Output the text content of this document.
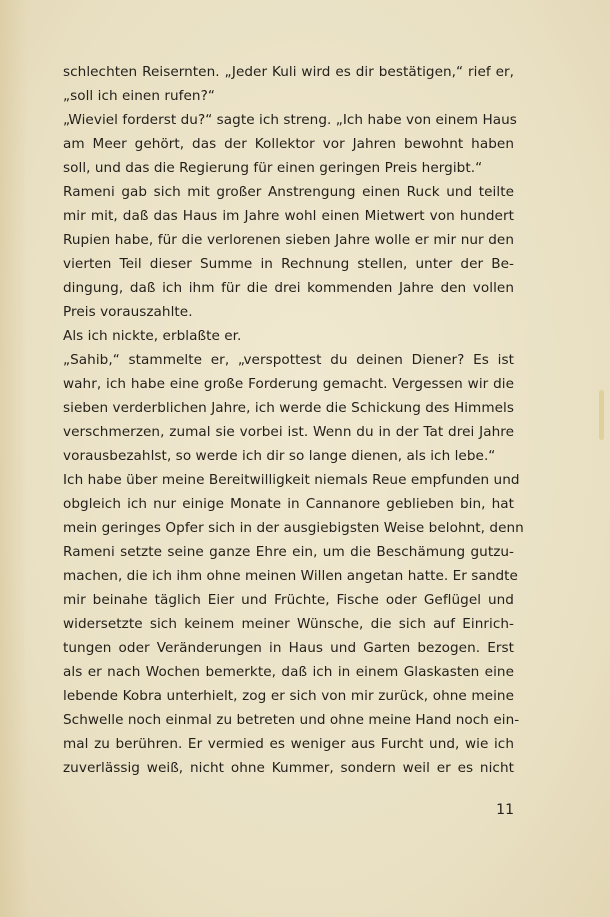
schlechten Reisernten. „Jeder Kuli wird es dir bestätigen,“ rief er,
„soll ich einen rufen?“
„Wieviel forderst du?“ sagte ich streng. „Ich habe von einem Haus
am Meer gehört, das der Kollektor vor Jahren bewohnt haben
soll, und das die Regierung für einen geringen Preis hergibt.“
Rameni gab sich mit großer Anstrengung einen Ruck und teilte
mir mit, daß das Haus im Jahre wohl einen Mietwert von hundert
Rupien habe, für die verlorenen sieben Jahre wolle er mir nur den
vierten Teil dieser Summe in Rechnung stellen, unter der Be-
dingung, daß ich ihm für die drei kommenden Jahre den vollen
Preis vorauszahlte.
Als ich nickte, erblaßte er.
„Sahib,“ stammelte er, „verspottest du deinen Diener? Es ist
wahr, ich habe eine große Forderung gemacht. Vergessen wir die
sieben verderblichen Jahre, ich werde die Schickung des Himmels
verschmerzen, zumal sie vorbei ist. Wenn du in der Tat drei Jahre
vorausbezahlst, so werde ich dir so lange dienen, als ich lebe.“
Ich habe über meine Bereitwilligkeit niemals Reue empfunden und
obgleich ich nur einige Monate in Cannanore geblieben bin, hat
mein geringes Opfer sich in der ausgiebigsten Weise belohnt, denn
Rameni setzte seine ganze Ehre ein, um die Beschämung gutzu-
machen, die ich ihm ohne meinen Willen angetan hatte. Er sandte
mir beinahe täglich Eier und Früchte, Fische oder Geflügel und
widersetzte sich keinem meiner Wünsche, die sich auf Einrich-
tungen oder Veränderungen in Haus und Garten bezogen. Erst
als er nach Wochen bemerkte, daß ich in einem Glaskasten eine
lebende Kobra unterhielt, zog er sich von mir zurück, ohne meine
Schwelle noch einmal zu betreten und ohne meine Hand noch ein-
mal zu berühren. Er vermied es weniger aus Furcht und, wie ich
zuverlässig weiß, nicht ohne Kummer, sondern weil er es nicht
11
